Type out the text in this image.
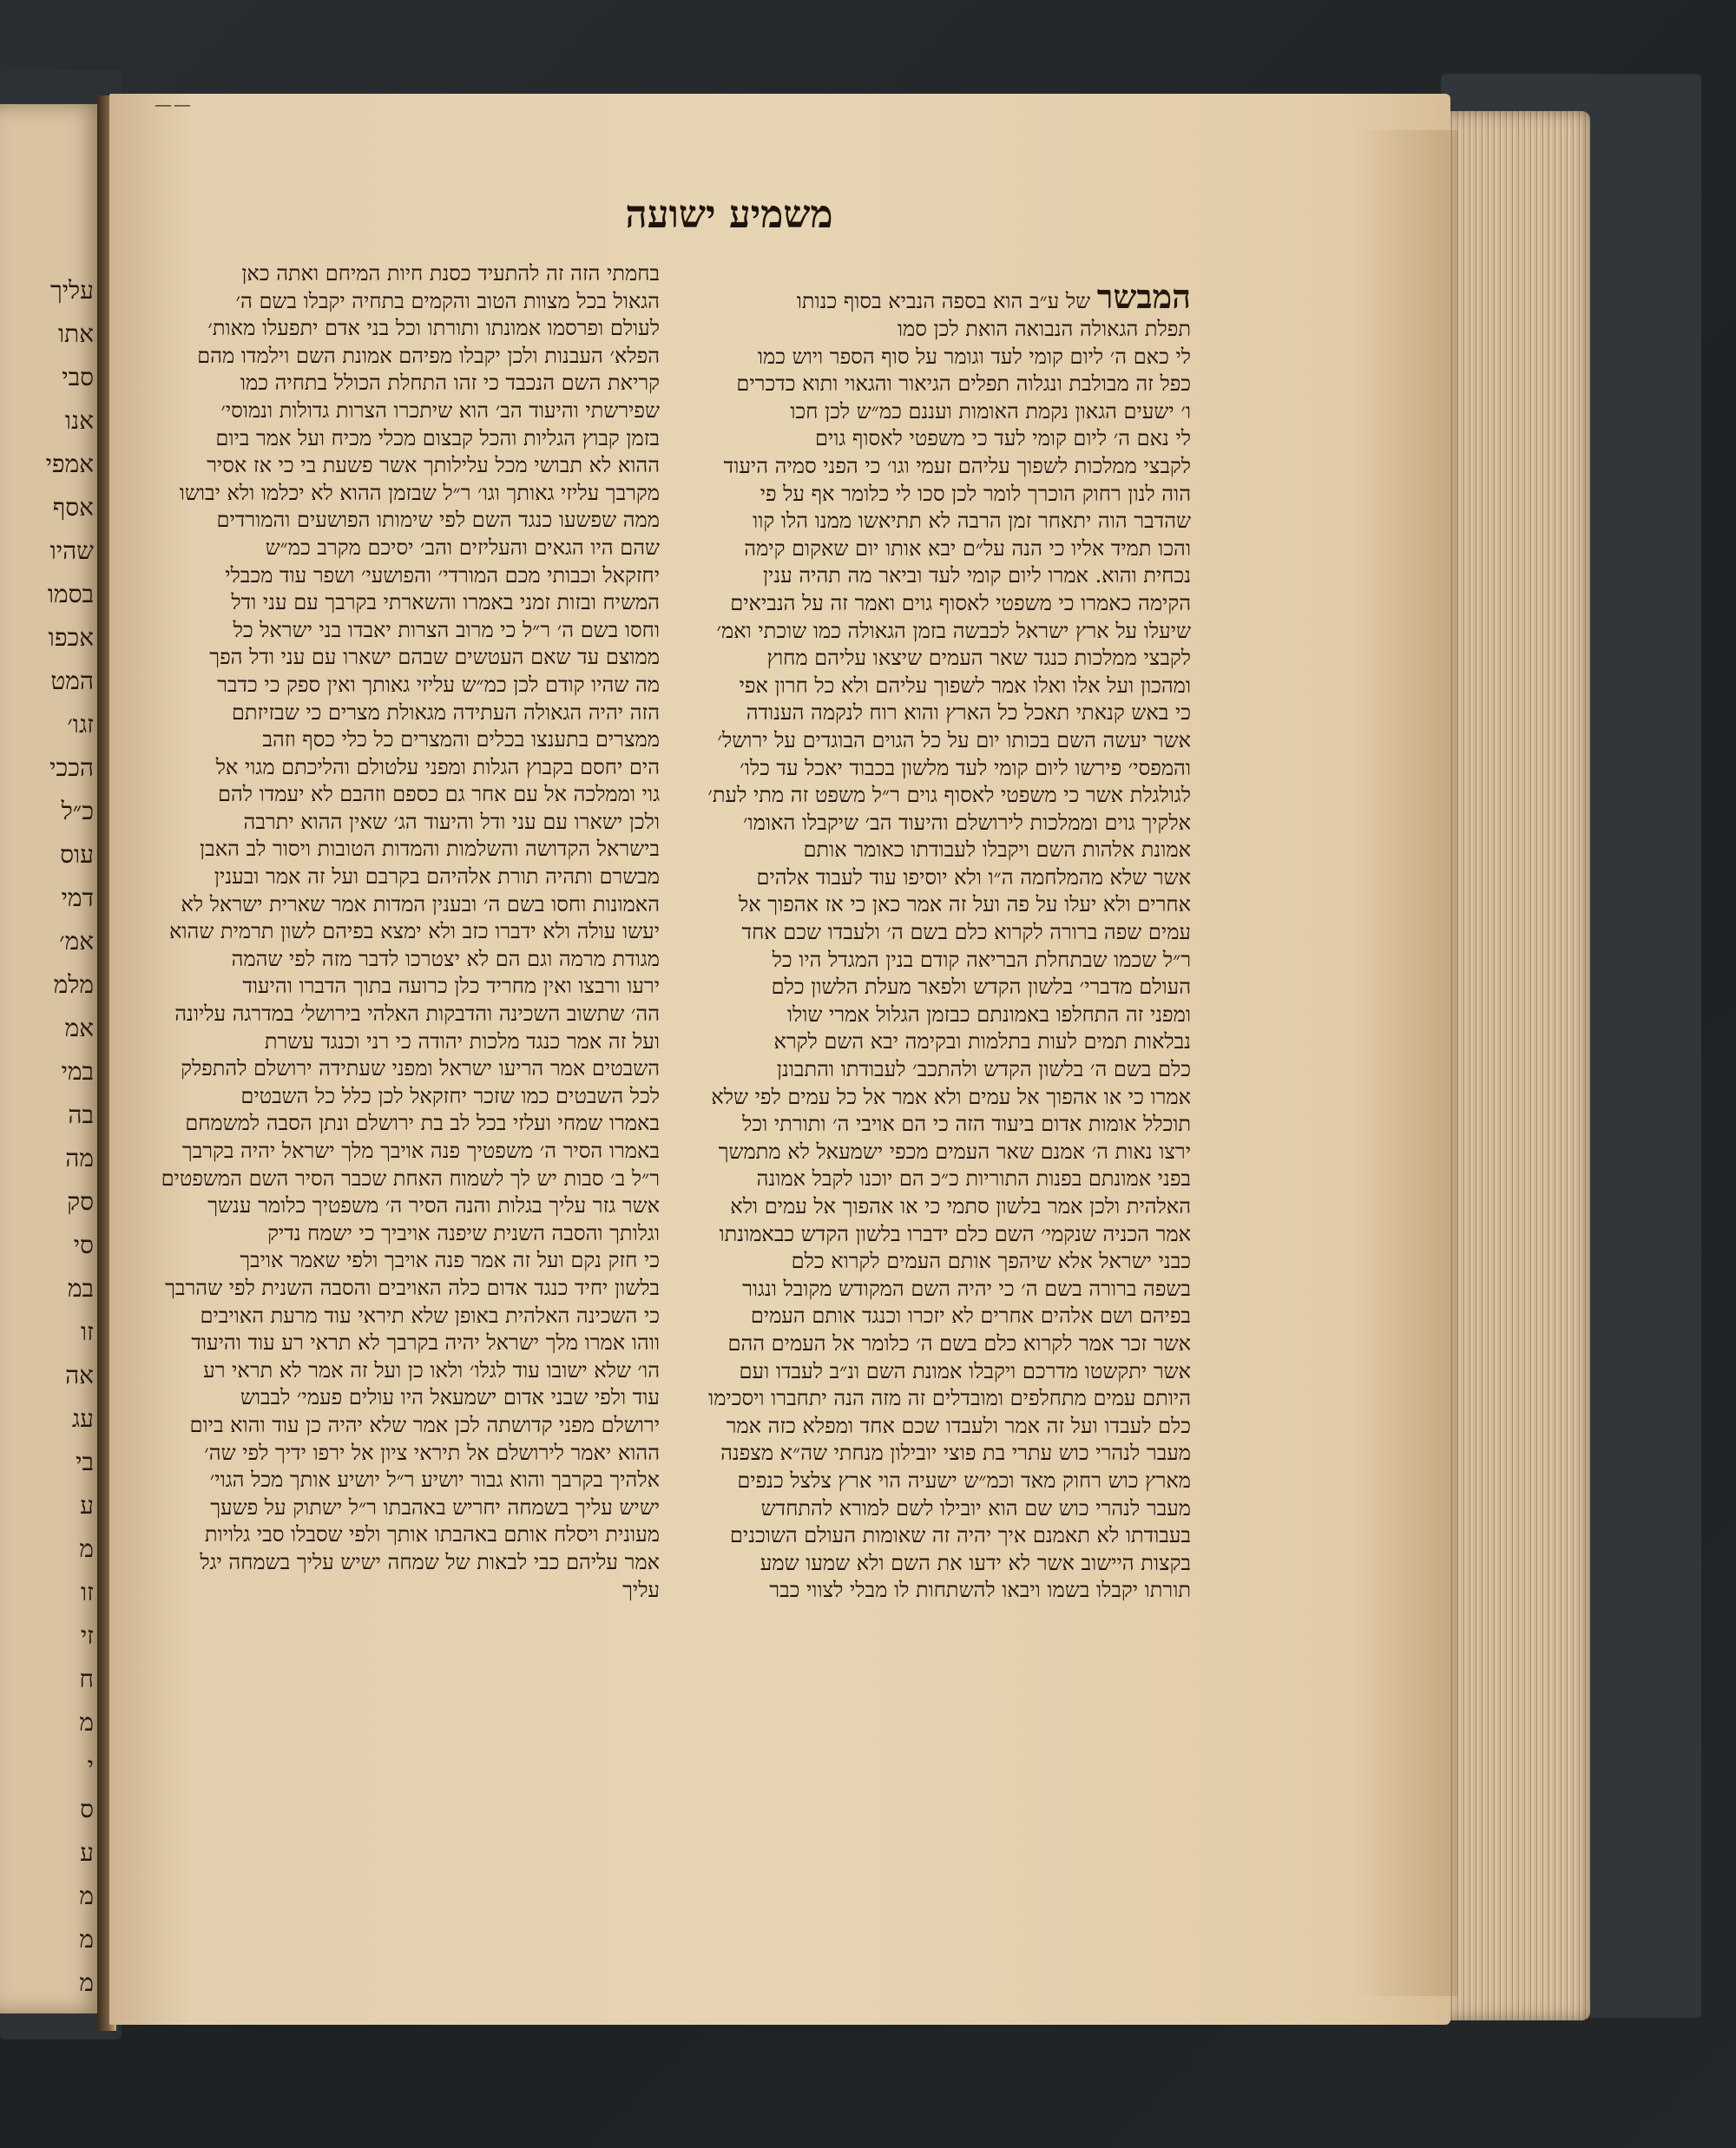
עליך
אתו
סבי
אנו
אמפי
אסף
שהיו
בסמו
אכפו
המט
זגו׳
הככי
כ״ל
עוס
דמי
אמ׳
מלמ
אמ
במי
בה
מה
סק
סי
במ
זו
אה
עג
בי
ע
מ
זו
זי
ח
מ
י
ס
ע
מ
מ
מ
——
משמיע ישועה
המבשר של ע״ב הוא בספה הנביא בסוף כנותו
תפלת הגאולה הנבואה הואת לכן סמו
לי כאם ה׳ ליום קומי לעד וגומר על סוף הספר ויוש כמו
כפל זה מבולבת ונגלוה תפלים הגיאור והגאוי ותוא כדכרים
ו׳ ישעים הגאון נקמת האומות ועננם כמ״ש לכן חכו
לי נאם ה׳ ליום קומי לעד כי משפטי לאסוף גוים
לקבצי ממלכות לשפוך עליהם זעמי וגו׳ כי הפני סמיה היעוד
הוה לנון רחוק הוכרך לומר לכן סכו לי כלומר אף על פי
שהדבר הוה יתאחר זמן הרבה לא תתיאשו ממנו הלו קוו
והכו תמיד אליו כי הנה על״ם יבא אותו יום שאקום קימה
נכחית והוא. אמרו ליום קומי לעד וביאר מה תהיה ענין
הקימה כאמרו כי משפטי לאסוף גוים ואמר זה על הנביאים
שיעלו על ארץ ישראל לכבשה בזמן הגאולה כמו שוכתי ואמ׳
לקבצי ממלכות כנגד שאר העמים שיצאו עליהם מחוץ
ומהכון ועל אלו ואלו אמר לשפוך עליהם ולא כל חרון אפי
כי באש קנאתי תאכל כל הארץ והוא רוח לנקמה הענודה
אשר יעשה השם בכותו יום על כל הגוים הבוגדים על ירושל׳
והמפסי׳ פירשו ליום קומי לעד מלשון בכבוד יאכל עד כלו׳
לגולגלת אשר כי משפטי לאסוף גוים ר״ל משפט זה מתי לעת׳
אלקיך גוים וממלכות לירושלם והיעוד הב׳ שיקבלו האומו׳
אמונת אלהות השם ויקבלו לעבודתו כאומר אותם
אשר שלא מהמלחמה ה״ו ולא יוסיפו עוד לעבוד אלהים
אחרים ולא יעלו על פה ועל זה אמר כאן כי אז אהפוך אל
עמים שפה ברורה לקרוא כלם בשם ה׳ ולעבדו שכם אחד
ר״ל שכמו שבתחלת הבריאה קודם בנין המגדל היו כל
העולם מדברי׳ בלשון הקדש ולפאר מעלת הלשון כלם
ומפני זה התחלפו באמונתם כבזמן הגלול אמרי שולו
נבלאות תמים לעות בתלמות ובקימה יבא השם לקרא
כלם בשם ה׳ בלשון הקדש ולהתכב׳ לעבודתו והתבונן
אמרו כי או אהפוך אל עמים ולא אמר אל כל עמים לפי שלא
תוכלל אומות אדום ביעוד הזה כי הם אויבי ה׳ ותורתי וכל
ירצו נאות ה׳ אמנם שאר העמים מכפי ישמעאל לא מתמשך
בפני אמונתם בפנות התוריות כ״כ הם יוכנו לקבל אמונה
האלהית ולכן אמר בלשון סתמי כי או אהפוך אל עמים ולא
אמר הכניה שנקמי׳ השם כלם ידברו בלשון הקדש כבאמונתו
כבני ישראל אלא שיהפך אותם העמים לקרוא כלם
בשפה ברורה בשם ה׳ כי יהיה השם המקודש מקובל ונגור
בפיהם ושם אלהים אחרים לא יזכרו וכנגד אותם העמים
אשר זכר אמר לקרוא כלם בשם ה׳ כלומר אל העמים ההם
אשר יתקשטו מדרכם ויקבלו אמונת השם ונ״ב לעבדו ועם
היותם עמים מתחלפים ומובדלים זה מזה הנה יתחברו ויסכימו
כלם לעבדו ועל זה אמר ולעבדו שכם אחד ומפלא כזה אמר
מעבר לנהרי כוש עתרי בת פוצי יובילון מנחתי שה״א מצפנה
מארץ כוש רחוק מאד וכמ״ש ישעיה הוי ארץ צלצל כנפים
מעבר לנהרי כוש שם הוא יובילו לשם למורא להתחדש
בעבודתו לא תאמנם איך יהיה זה שאומות העולם השוכנים
בקצות היישוב אשר לא ידעו את השם ולא שמעו שמע
תורתו יקבלו בשמו ויבאו להשתחות לו מבלי לצווי כבר
בחמתי הזה זה להתעיד כסנת חיות המיחם ואתה כאן
הגאול בכל מצוות הטוב והקמים בתחיה יקבלו בשם ה׳
לעולם ופרסמו אמונתו ותורתו וכל בני אדם יתפעלו מאות׳
הפלא׳ העבנות ולכן יקבלו מפיהם אמונת השם וילמדו מהם
קריאת השם הנכבד כי זהו התחלת הכולל בתחיה כמו
שפירשתי והיעוד הב׳ הוא שיתכרו הצרות גדולות ונמוסי׳
בזמן קבוץ הגליות והכל קבצום מכלי מכיח ועל אמר ביום
ההוא לא תבושי מכל עלילותך אשר פשעת בי כי אז אסיר
מקרבך עליזי גאותך וגו׳ ר״ל שבזמן ההוא לא יכלמו ולא יבושו
ממה שפשעו כנגד השם לפי שימותו הפושעים והמורדים
שהם היו הגאים והעליזים והב׳ יסיכם מקרב כמ״ש
יחזקאל וכבותי מכם המורדי׳ והפושעי׳ ושפר עוד מכבלי
המשיח ובזות זמני באמרו והשארתי בקרבך עם עני ודל
וחסו בשם ה׳ ר״ל כי מרוב הצרות יאבדו בני ישראל כל
ממוצם עד שאם העטשים שבהם ישארו עם עני ודל הפך
מה שהיו קודם לכן כמ״ש עליזי גאותך ואין ספק כי כדבר
הזה יהיה הגאולה העתידה מגאולת מצרים כי שבזיזתם
ממצרים בתענצו בכלים והמצרים כל כלי כסף וזהב
הים יחסם בקבוץ הגלות ומפני עלטולם והליכתם מגוי אל
גוי וממלכה אל עם אחר גם כספם וזהבם לא יעמדו להם
ולכן ישארו עם עני ודל והיעוד הג׳ שאין ההוא יתרבה
בישראל הקדושה והשלמות והמדות הטובות ויסור לב האבן
מבשרם ותהיה תורת אלהיהם בקרבם ועל זה אמר ובענין
האמונות וחסו בשם ה׳ ובענין המדות אמר שארית ישראל לא
יעשו עולה ולא ידברו כזב ולא ימצא בפיהם לשון תרמית שהוא
מגודת מרמה וגם הם לא יצטרכו לדבר מזה לפי שהמה
ירעו ורבצו ואין מחריד כלן כרועה בתוך הדברו והיעוד
הה׳ שתשוב השכינה והדבקות האלהי בירושל׳ במדרגה עליונה
ועל זה אמר כנגד מלכות יהודה כי רני וכנגד עשרת
השבטים אמר הריעו ישראל ומפני שעתידה ירושלם להתפלק
לכל השבטים כמו שזכר יחזקאל לכן כלל כל השבטים
באמרו שמחי ועלזי בכל לב בת ירושלם ונתן הסבה למשמחם
באמרו הסיר ה׳ משפטיך פנה אויבך מלך ישראל יהיה בקרבך
ר״ל ב׳ סבות יש לך לשמוח האחת שכבר הסיר השם המשפטים
אשר גזר עליך בגלות והנה הסיר ה׳ משפטיך כלומר ענשך
וגלותך והסבה השנית שיפנה אויביך כי ישמח נדיק
כי חזק נקם ועל זה אמר פנה אויבך ולפי שאמר אויבך
בלשון יחיד כנגד אדום כלה האויבים והסבה השנית לפי שהרבך
כי השכינה האלהית באופן שלא תיראי עוד מרעת האויבים
ווהו אמרו מלך ישראל יהיה בקרבך לא תראי רע עוד והיעוד
הו׳ שלא ישובו עוד לגלו׳ ולאו כן ועל זה אמר לא תראי רע
עוד ולפי שבני אדום ישמעאל היו עולים פעמי׳ לבבוש
ירושלם מפני קדושתה לכן אמר שלא יהיה כן עוד והוא ביום
ההוא יאמר לירושלם אל תיראי ציון אל ירפו ידיך לפי שה׳
אלהיך בקרבך והוא גבור יושיע ר״ל יושיע אותך מכל הגוי׳
ישיש עליך בשמחה יחריש באהבתו ר״ל ישתוק על פשעך
מעונית ויסלח אותם באהבתו אותך ולפי שסבלו סבי גלויות
אמר עליהם כבי לבאות של שמחה ישיש עליך בשמחה יגל
עליך
